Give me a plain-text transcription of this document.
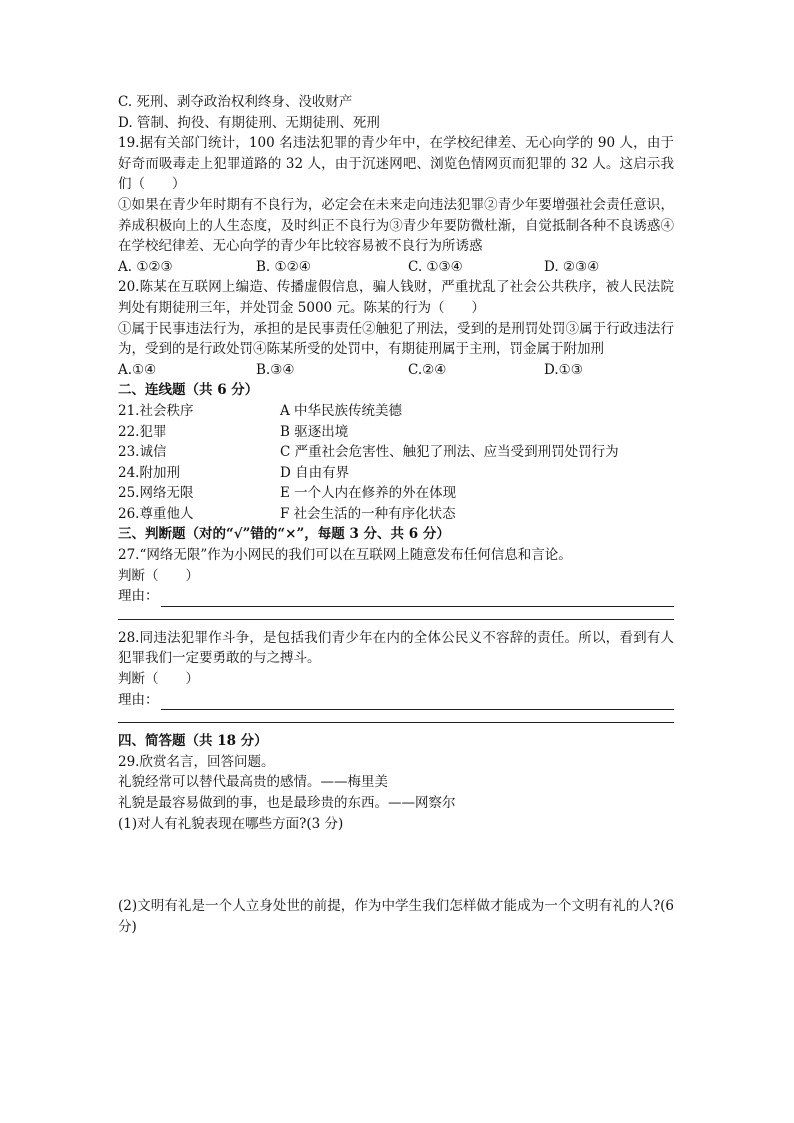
C. 死刑、剥夺政治权利终身、没收财产
D. 管制、拘役、有期徒刑、无期徒刑、死刑
19.据有关部门统计，100 名违法犯罪的青少年中，在学校纪律差、无心向学的 90 人，由于好奇而吸毒走上犯罪道路的 32 人，由于沉迷网吧、浏览色情网页而犯罪的 32 人。这启示我们（　　）
①如果在青少年时期有不良行为，必定会在未来走向违法犯罪②青少年要增强社会责任意识，养成积极向上的人生态度，及时纠正不良行为③青少年要防微杜渐，自觉抵制各种不良诱惑④在学校纪律差、无心向学的青少年比较容易被不良行为所诱惑
A. ①②③	B. ①②④	C. ①③④	D. ②③④
20.陈某在互联网上编造、传播虚假信息，骗人钱财，严重扰乱了社会公共秩序，被人民法院判处有期徒刑三年，并处罚金 5000 元。陈某的行为（　　）
①属于民事违法行为，承担的是民事责任②触犯了刑法，受到的是刑罚处罚③属于行政违法行为，受到的是行政处罚④陈某所受的处罚中，有期徒刑属于主刑，罚金属于附加刑
A.①④	B.③④	C.②④	D.①③
二、连线题（共 6 分）
21.社会秩序	A 中华民族传统美德
22.犯罪	B 驱逐出境
23.诚信	C 严重社会危害性、触犯了刑法、应当受到刑罚处罚行为
24.附加刑	D 自由有界
25.网络无限	E 一个人内在修养的外在体现
26.尊重他人	F 社会生活的一种有序化状态
三、判断题（对的“√”错的“×”，每题 3 分、共 6 分）
27.“网络无限”作为小网民的我们可以在互联网上随意发布任何信息和言论。
判断（　　）
理由：
28.同违法犯罪作斗争，是包括我们青少年在内的全体公民义不容辞的责任。所以，看到有人犯罪我们一定要勇敢的与之搏斗。
判断（　　）
理由：
四、简答题（共 18 分）
29.欣赏名言，回答问题。
礼貌经常可以替代最高贵的感情。——梅里美
礼貌是最容易做到的事，也是最珍贵的东西。——网察尔
(1)对人有礼貌表现在哪些方面?(3 分)
(2)文明有礼是一个人立身处世的前提，作为中学生我们怎样做才能成为一个文明有礼的人?(6 分)
